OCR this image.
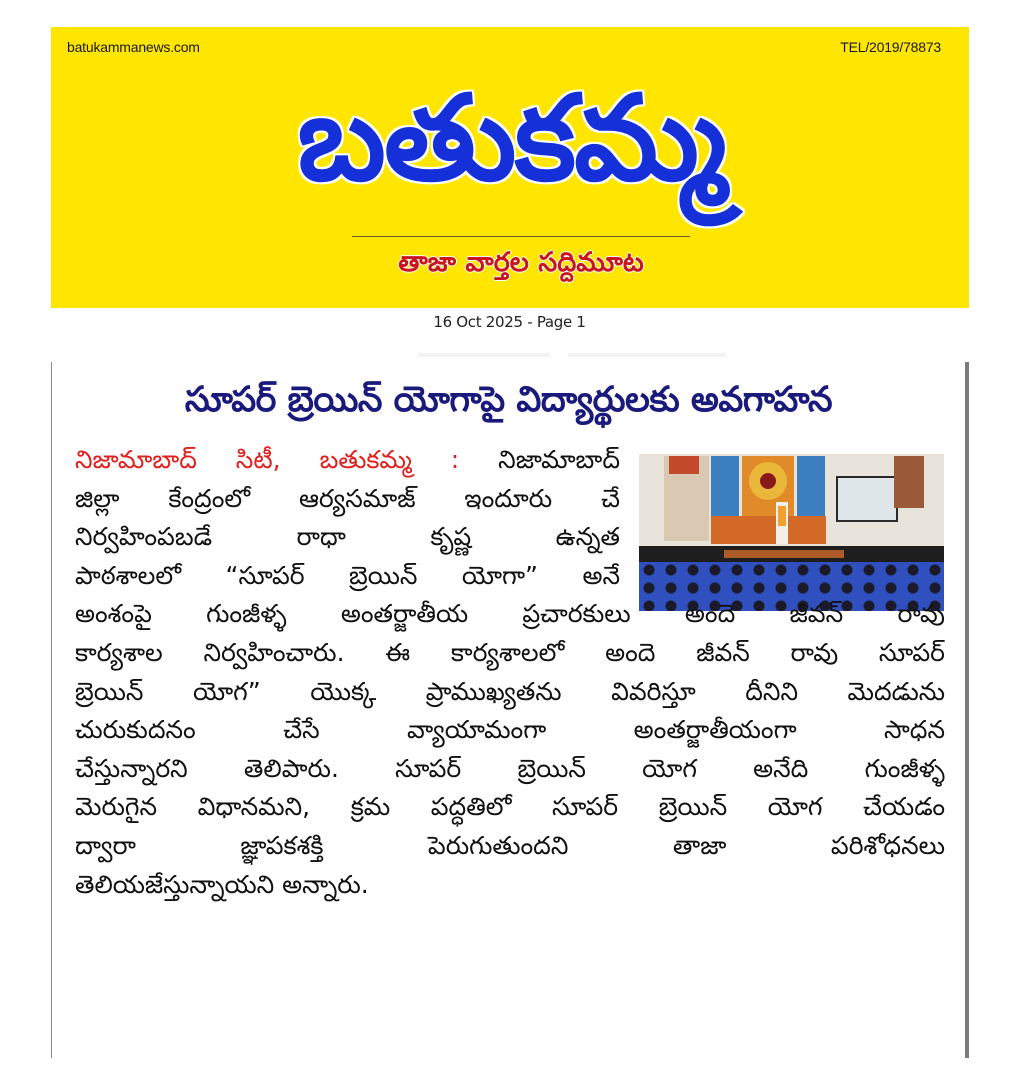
batukammanews.com	TEL/2019/78873
బతుకమ్మ
తాజా వార్తల సద్దిమూట
16 Oct 2025 - Page 1
సూపర్ బ్రెయిన్ యోగాపై విద్యార్థులకు అవగాహన
నిజామాబాద్ సిటీ, బతుకమ్మ : నిజామాబాద్
జిల్లా కేంద్రంలో ఆర్యసమాజ్ ఇందూరు చే
నిర్వహింపబడే రాధా కృష్ణ ఉన్నత
పాఠశాలలో “సూపర్ బ్రెయిన్ యోగా” అనే
అంశంపై గుంజీళ్ళ అంతర్జాతీయ ప్రచారకులు అందె జీవన్ రావు
కార్యశాల నిర్వహించారు. ఈ కార్యశాలలో అందె జీవన్ రావు సూపర్
బ్రెయిన్ యోగ” యొక్క ప్రాముఖ్యతను వివరిస్తూ దీనిని మెదడును
చురుకుదనం చేసే వ్యాయామంగా అంతర్జాతీయంగా సాధన
చేస్తున్నారని తెలిపారు. సూపర్ బ్రెయిన్ యోగ అనేది గుంజీళ్ళ
మెరుగైన విధానమని, క్రమ పద్ధతిలో సూపర్ బ్రెయిన్ యోగ చేయడం
ద్వారా జ్ఞాపకశక్తి పెరుగుతుందని తాజా పరిశోధనలు
తెలియజేస్తున్నాయని అన్నారు.
